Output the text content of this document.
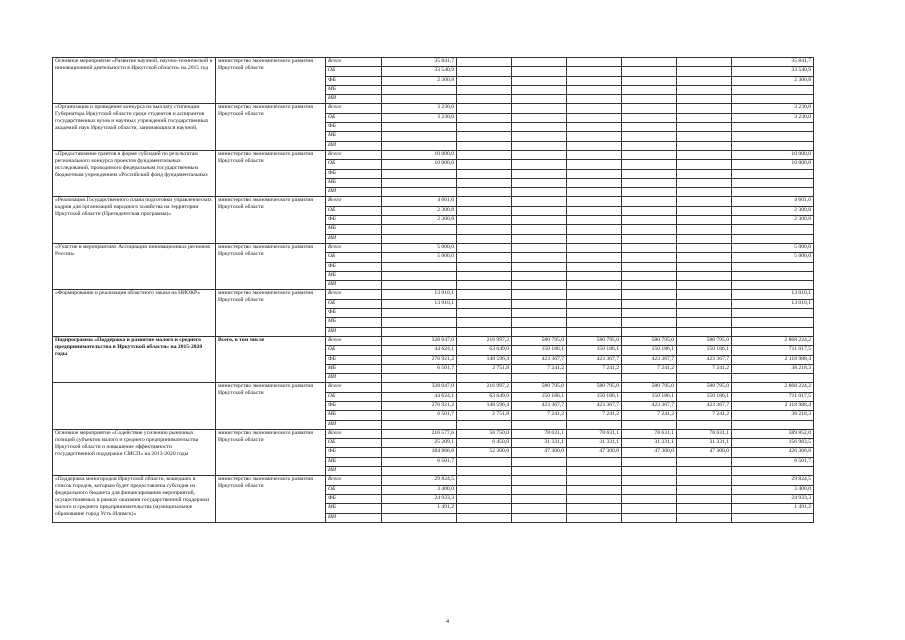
Основное мероприятие «Развитие научной, научно-технической и инновационной деятельности в Иркутской области» на 2015 год	министерство экономического развития Иркутской области	Всего	35 841,7						35 841,7
		ОБ	33 540,9						33 540,9
		ФБ	2 300,8						2 300,8
		МБ							
		ИИ							
«Организация и проведение конкурса на выплату стипендии Губернатора Иркутской области среди студентов и аспирантов государственных вузов и научных учреждений государственных академий наук Иркутской области, занимающихся научной,	министерство экономического развития Иркутской области	Всего	3 230,0						3 230,0
		ОБ	3 230,0						3 230,0
		ФБ							
		МБ							
		ИИ							
«Предоставление грантов в форме субсидий по результатам регионального конкурса проектов фундаментальных исследований, проводимого федеральным государственным бюджетным учреждением «Российский фонд фундаментальных	министерство экономического развития Иркутской области	Всего	10 000,0						10 000,0
		ОБ	10 000,0						10 000,0
		ФБ							
		МБ							
		ИИ							
«Реализация Государственного плана подготовки управленческих кадров для организаций народного хозяйства на территории Иркутской области (Президентская программа)»	министерство экономического развития Иркутской области	Всего	4 601,6						4 601,6
		ОБ	2 300,8						2 300,8
		ФБ	2 300,8						2 300,8
		МБ							
		ИИ							
«Участие в мероприятиях Ассоциации инновационных регионов России»	министерство экономического развития Иркутской области	Всего	5 000,0						5 000,0
		ОБ	5 000,0						5 000,0
		ФБ							
		МБ							
		ИИ							
«Формирование и реализация областного заказа на НИОКР»	министерство экономического развития Иркутской области	Всего	13 010,1						13 010,1
		ОБ	13 010,1						13 010,1
		ФБ							
		МБ							
		ИИ							
Подпрограмма «Поддержка и развитие малого и среднего предпринимательства в Иркутской области» на 2015-2020 годы	Всего, в том числе	Всего	328 047,0	216 997,2	580 795,0	580 795,0	580 795,0	580 795,0	2 868 224,2
		ОБ	44 624,1	63 649,0	150 186,1	150 186,1	150 186,1	150 186,1	711 017,5
		ФБ	276 921,2	148 596,4	423 367,7	423 367,7	423 367,7	423 367,7	2 118 988,4
		МБ	6 501,7	2 751,8	7 241,2	7 241,2	7 241,2	7 241,2	38 218,3
		ИИ							
	министерство экономического развития Иркутской области	Всего	328 047,0	216 997,2	580 795,0	580 795,0	580 795,0	580 795,0	2 868 224,2
		ОБ	44 624,1	63 649,0	150 186,1	150 186,1	150 186,1	150 186,1	711 017,5
		ФБ	276 921,2	148 596,4	423 367,7	423 367,7	423 367,7	423 367,7	2 118 988,4
		МБ	6 501,7	2 751,8	7 241,2	7 241,2	7 241,2	7 241,2	38 218,3
		ИИ							
Основное мероприятие «Содействие усилению рыночных позиций субъектов малого и среднего предпринимательства Иркутской области и повышение эффективности государственной поддержки СМСП» на 2013-2020 годы	министерство экономического развития Иркутской области	Всего	216 577,6	58 750,0	78 631,1	78 631,1	78 631,1	78 631,1	589 852,0
		ОБ	25 209,1	6 450,0	31 331,1	31 331,1	31 331,1	31 331,1	156 983,5
		ФБ	184 866,8	52 300,0	47 300,0	47 300,0	47 300,0	47 300,0	426 366,8
		МБ	6 501,7						6 501,7
		ИИ							
«Поддержка моногородов Иркутской области, вошедших в список городов, которым будет предоставлена субсидия из федерального бюджета для финансирования мероприятий, осуществляемых в рамках оказания государственной поддержки малого и среднего предпринимательства (муниципальное образование город Усть-Илимск)»	министерство экономического развития Иркутской области	Всего	29 824,5						29 824,5
		ОБ	3 400,0						3 400,0
		ФБ	24 933,3						24 933,3
		МБ	1 491,2						1 491,2
		ИИ							
4
